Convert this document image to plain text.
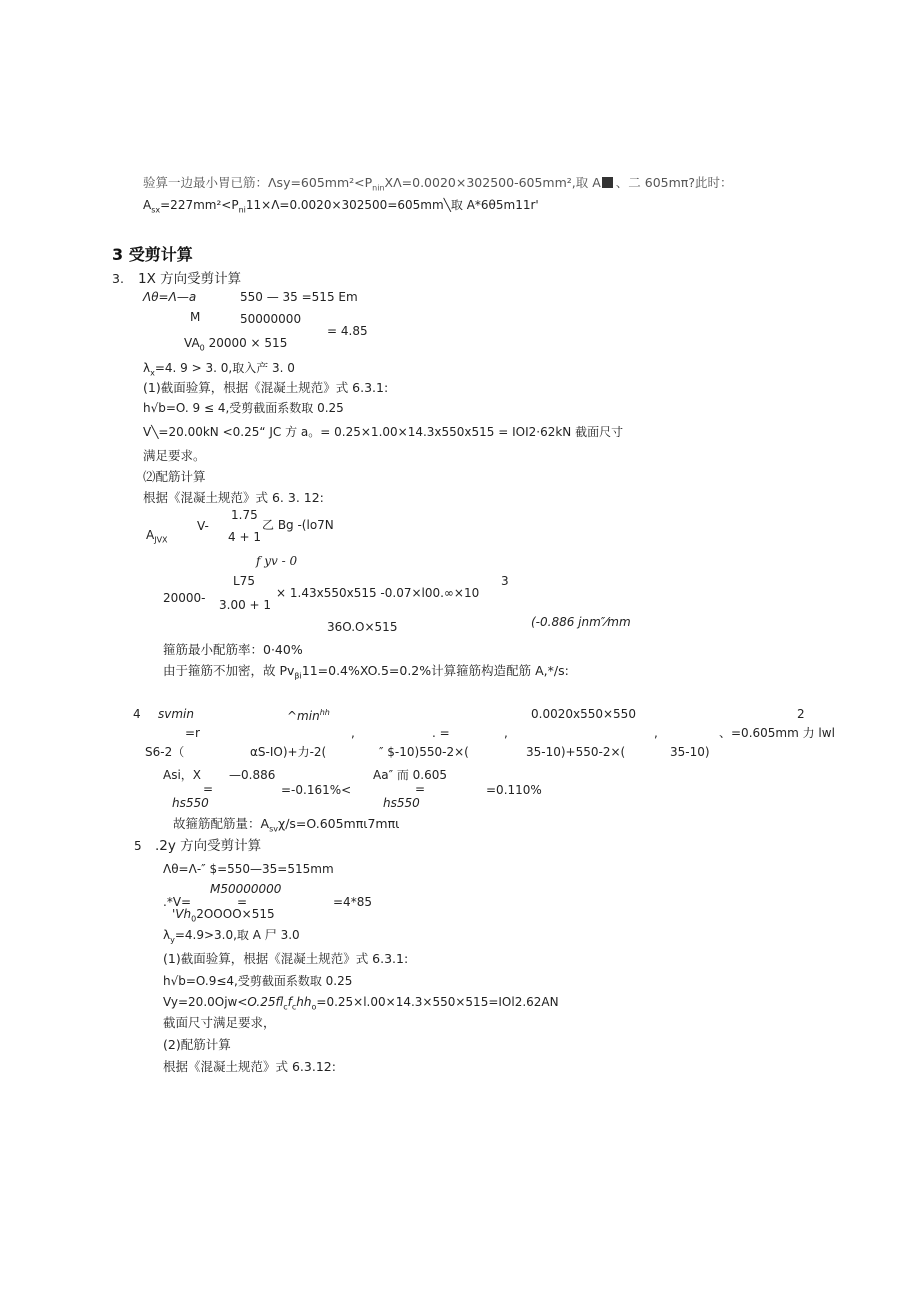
验算一边最小胃已筋：$\Lambda sy=605mm^2<P_{nin}X\Lambda=0.0020\times 302500-605mm^2$,取 A 、二 605mπ?此时：
$A_{sx}=227mm^2<P_{ni}11\times\Lambda=0.0020\times 302500=605mm╲$取 A*6θ5m11r'
3 受剪计算
3. 1X 方向受剪计算
Λθ=Λ—a	550 — 35 =515 Em
M	50000000
$VA_0$ 20000 × 515
= 4.85
$\lambda_x=4$. 9 > 3. 0,取入产 3. 0
(1)截面验算，根据《混凝土规范》式 6.3.1:
h√b=O. 9 ≤ 4,受剪截面系数取 0.25
V╲=20.00kN <0.25“ JC 方 a。= 0.25×1.00×14.3x550x515 = IOI2·62kN 截面尺寸
满足要求。
⑵配筋计算
根据《混凝土规范》式 6. 3. 12:
1.75
乙 Bg -(lo7N
V-
$A_{JVX}$	4 + 1
f yv - 0
L75	3
20000-	× 1.43x550x515 -0.07×l00.∞×10
3.00 + 1
36O.O×515	(-0.886 jnm″⁄mm
箍筋最小配筋率：0·40%
由于箍筋不加密，故 $Pv_{\beta i}11=0.4\%XO.5=0.2\%$计算箍筋构造配筋 A,*/s:
4 svmin	$\^{}\min^{hh}$	0.0020x550×550	2
=r	,	. =	,	,	、=0.605mm 力 lwl
S6-2（	αS-IO)+力-2(	″ $-10)550-2×(	35-10)+550-2×(	35-10)
Asi，X —0.886	Aa″ 而 0.605
=	=-0.161%<	=	=0.110%
hs550	hs550
故箍筋配筋量：$A_{sv}\chi∕s=O.605m\pi\iota 7m\pi\iota$
5 .2y 方向受剪计算
Λθ=Λ-″ $=550—35=515mm
M50000000
.*V=	=	=4*85
'$Vh_02OOOO\times 515$
$\lambda_y=4.9>3.0$,取 A 尸 3.0
(1)截面验算，根据《混凝土规范》式 6.3.1:
h√b=O.9≤4,受剪截面系数取 0.25
$Vy=20.0Ojw<O.25fl_cf_chh_o=0.25\times l.00\times 14.3\times 550\times 515=IOl2.62AN$
截面尺寸满足要求，
(2)配筋计算
根据《混凝土规范》式 6.3.12:
